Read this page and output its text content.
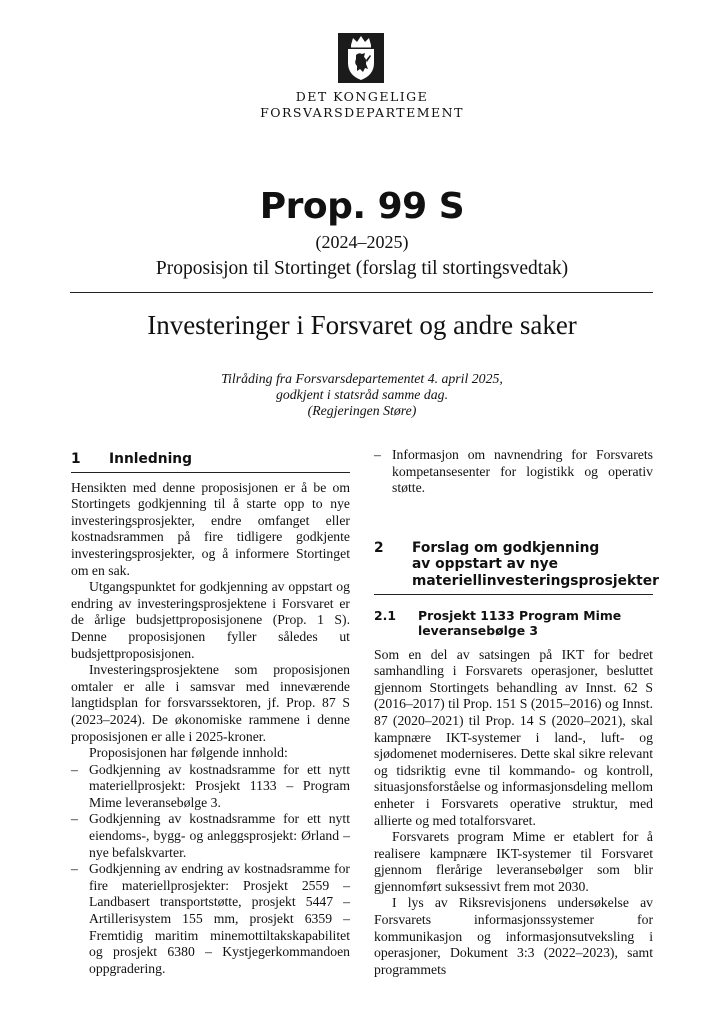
DET KONGELIGE
FORSVARSDEPARTEMENT
Prop. 99 S
(2024–2025)
Proposisjon til Stortinget (forslag til stortingsvedtak)
Investeringer i Forsvaret og andre saker
Tilråding fra Forsvarsdepartementet 4. april 2025,
godkjent i statsråd samme dag.
(Regjeringen Støre)
1	Innledning

Hensikten med denne proposisjonen er å be om Stortingets godkjenning til å starte opp to nye investeringsprosjekter, endre omfanget eller kostnadsrammen på fire tidligere godkjente investeringsprosjekter, og å informere Stortinget om en sak.

Utgangspunktet for godkjenning av oppstart og endring av investeringsprosjektene i Forsvaret er de årlige budsjettproposisjonene (Prop. 1 S). Denne proposisjonen fyller således ut budsjettproposisjonen.

Investeringsprosjektene som proposisjonen omtaler er alle i samsvar med inneværende langtidsplan for forsvarssektoren, jf. Prop. 87 S (2023–2024). De økonomiske rammene i denne proposisjonen er alle i 2025-kroner.

Proposisjonen har følgende innhold:

– Godkjenning av kostnadsramme for ett nytt materiellprosjekt: Prosjekt 1133 – Program Mime leveransebølge 3.
– Godkjenning av kostnadsramme for ett nytt eiendoms-, bygg- og anleggsprosjekt: Ørland – nye befalskvarter.
– Godkjenning av endring av kostnadsramme for fire materiellprosjekter: Prosjekt 2559 – Landbasert transportstøtte, prosjekt 5447 – Artillerisystem 155 mm, prosjekt 6359 – Fremtidig maritim minemottiltakskapabilitet og prosjekt 6380 – Kystjegerkommandoen oppgradering.
– Informasjon om navnendring for Forsvarets kompetansesenter for logistikk og operativ støtte.
2	Forslag om godkjenning
av oppstart av nye
materiellinvesteringsprosjekter
2.1	Prosjekt 1133 Program Mime
leveransebølge 3

Som en del av satsingen på IKT for bedret samhandling i Forsvarets operasjoner, besluttet gjennom Stortingets behandling av Innst. 62 S (2016–2017) til Prop. 151 S (2015–2016) og Innst. 87 (2020–2021) til Prop. 14 S (2020–2021), skal kampnære IKT-systemer i land-, luft- og sjødomenet moderniseres. Dette skal sikre relevant og tidsriktig evne til kommando- og kontroll, situasjonsforståelse og informasjonsdeling mellom enheter i Forsvarets operative struktur, med allierte og med totalforsvaret.

Forsvarets program Mime er etablert for å realisere kampnære IKT-systemer til Forsvaret gjennom flerårige leveransebølger som blir gjennomført suksessivt frem mot 2030.

I lys av Riksrevisjonens undersøkelse av Forsvarets informasjonssystemer for kommunikasjon og informasjonsutveksling i operasjoner, Dokument 3:3 (2022–2023), samt programmets
